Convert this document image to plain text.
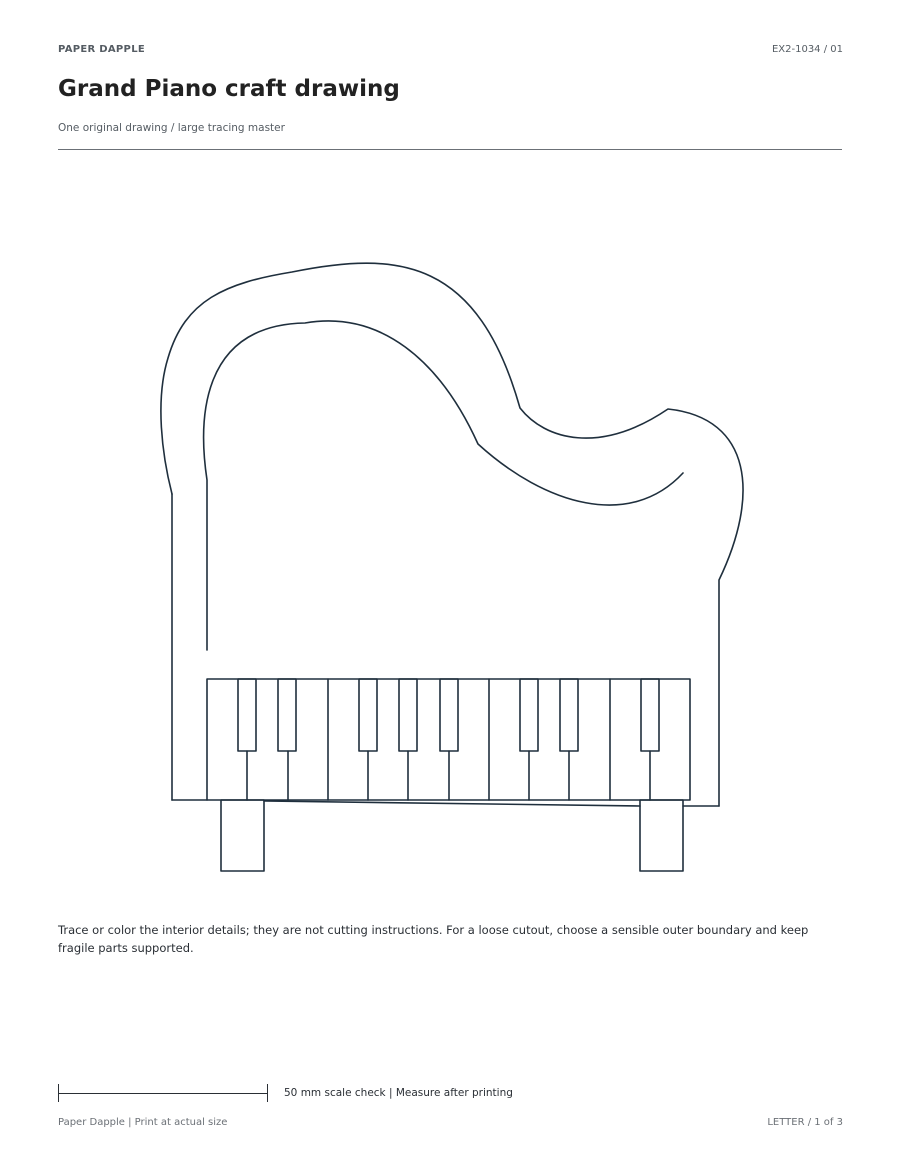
PAPER DAPPLE	EX2-1034 / 01
Grand Piano craft drawing
One original drawing / large tracing master
Trace or color the interior details; they are not cutting instructions. For a loose cutout, choose a sensible outer boundary and keep fragile parts supported.
50 mm scale check | Measure after printing
Paper Dapple | Print at actual size	LETTER / 1 of 3
